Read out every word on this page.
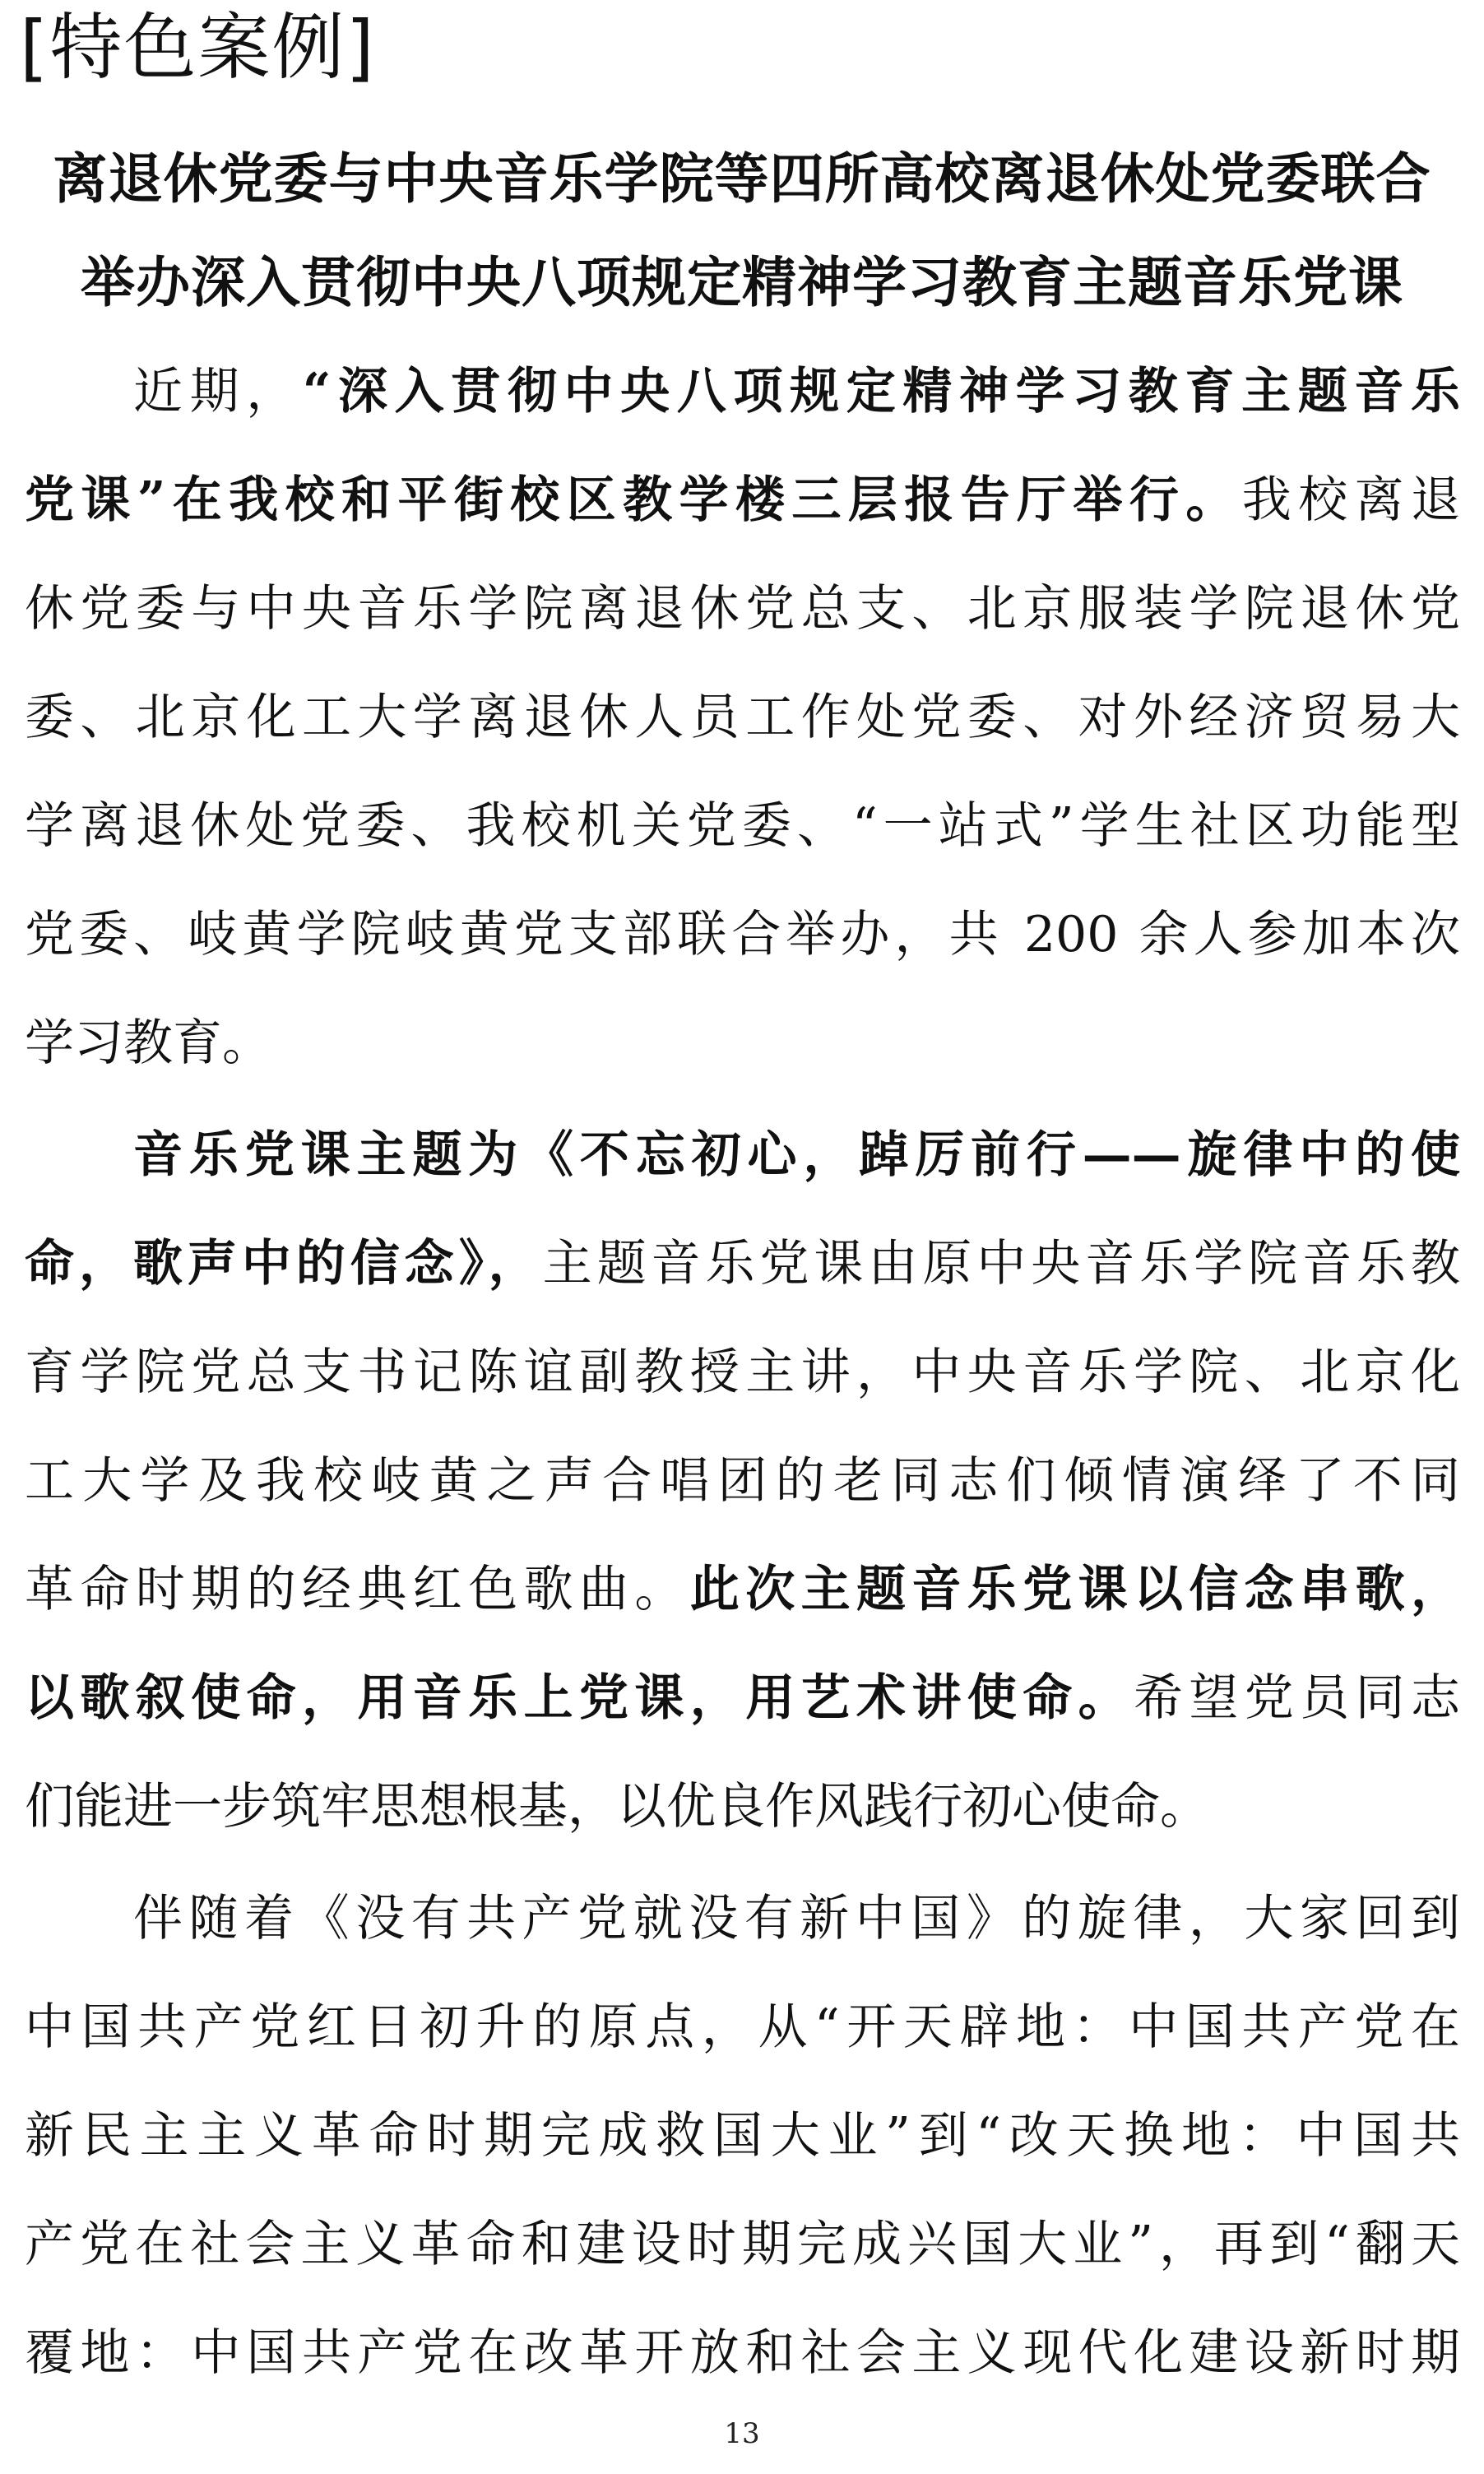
[特色案例]
离退休党委与中央音乐学院等四所高校离退休处党委联合
举办深入贯彻中央八项规定精神学习教育主题音乐党课
近期，“深入贯彻中央八项规定精神学习教育主题音乐
党课”在我校和平街校区教学楼三层报告厅举行。我校离退
休党委与中央音乐学院离退休党总支、北京服装学院退休党
委、北京化工大学离退休人员工作处党委、对外经济贸易大
学离退休处党委、我校机关党委、“一站式”学生社区功能型
党委、岐黄学院岐黄党支部联合举办，共 200 余人参加本次
学习教育。
音乐党课主题为《不忘初心，踔厉前行——旋律中的使
命，歌声中的信念》，主题音乐党课由原中央音乐学院音乐教
育学院党总支书记陈谊副教授主讲，中央音乐学院、北京化
工大学及我校岐黄之声合唱团的老同志们倾情演绎了不同
革命时期的经典红色歌曲。此次主题音乐党课以信念串歌，
以歌叙使命，用音乐上党课，用艺术讲使命。希望党员同志
们能进一步筑牢思想根基，以优良作风践行初心使命。
伴随着《没有共产党就没有新中国》的旋律，大家回到
中国共产党红日初升的原点，从“开天辟地：中国共产党在
新民主主义革命时期完成救国大业”到“改天换地：中国共
产党在社会主义革命和建设时期完成兴国大业”，再到“翻天
覆地：中国共产党在改革开放和社会主义现代化建设新时期
13
